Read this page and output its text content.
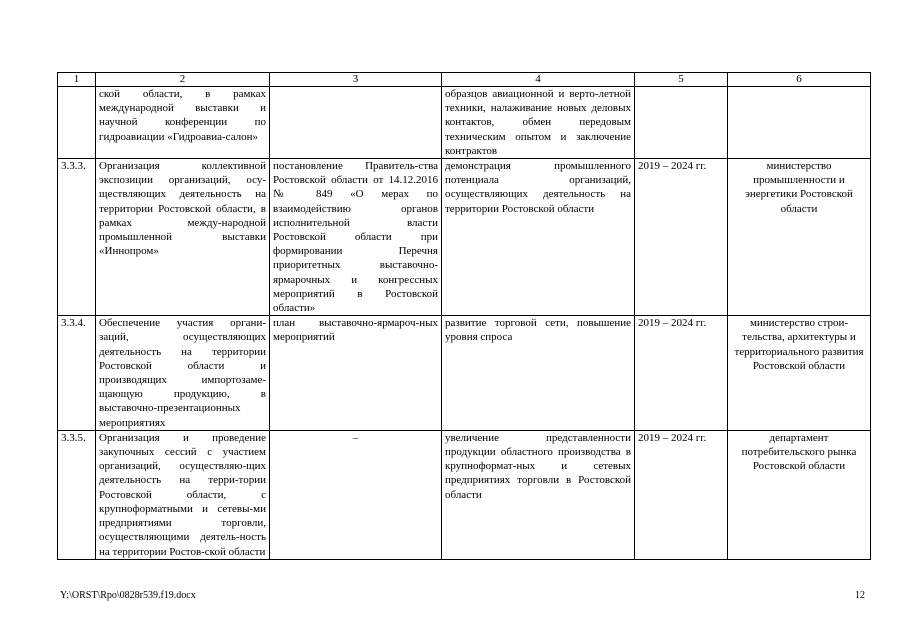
1	2	3	4	5	6
	ской области, в рамках международной выставки и научной конференции по гидроавиации «Гидроавиа-салон»		образцов авиационной и верто-летной техники, налаживание новых деловых контактов, обмен передовым техническим опытом и заключение контрактов		
3.3.3.	Организация коллективной экспозиции организаций, осу-ществляющих деятельность на территории Ростовской области, в рамках между-народной промышленной выставки «Иннопром»	постановление Правитель-ства Ростовской области от 14.12.2016 № 849 «О мерах по взаимодействию органов исполнительной власти Ростовской области при формировании Перечня приоритетных выставочно-ярмарочных и конгрессных мероприятий в Ростовской области»	демонстрация промышленного потенциала организаций, осуществляющих деятельность на территории Ростовской области	2019 – 2024 гг.	министерство промышленности и энергетики Ростовской области
3.3.4.	Обеспечение участия органи-заций, осуществляющих деятельность на территории Ростовской области и производящих импортозаме-щающую продукцию, в выставочно-презентационных мероприятиях	план выставочно-ярмароч-ных мероприятий	развитие торговой сети, повышение уровня спроса	2019 – 2024 гг.	министерство строи-тельства, архитектуры и территориального развития Ростовской области
3.3.5.	Организация и проведение закупочных сессий с участием организаций, осуществляю-щих деятельность на терри-тории Ростовской области, с крупноформатными и сетевы-ми предприятиями торговли, осуществляющими деятель-ность на территории Ростов-ской области	–	увеличение представленности продукции областного производства в крупноформат-ных и сетевых предприятиях торговли в Ростовской области	2019 – 2024 гг.	департамент потребительского рынка Ростовской области
Y:\ORST\Rpo\0828r539.f19.docx	12
